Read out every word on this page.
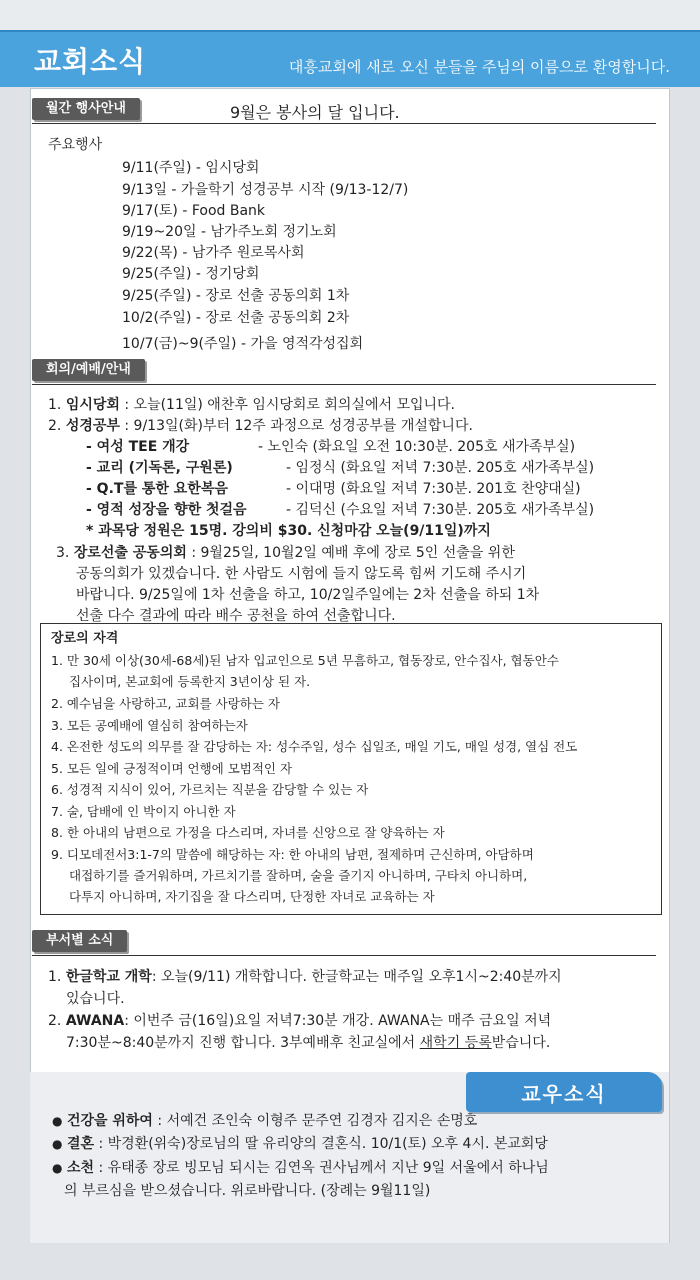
교회소식	대흥교회에 새로 오신 분들을 주님의 이름으로 환영합니다.
월간 행사안내	9월은 봉사의 달 입니다.
주요행사
9/11(주일) - 임시당회
9/13일 - 가을학기 성경공부 시작 (9/13-12/7)
9/17(토) - Food Bank
9/19~20일 - 남가주노회 정기노회
9/22(목) - 남가주 원로목사회
9/25(주일) - 정기당회
9/25(주일) - 장로 선출 공동의회 1차
10/2(주일) - 장로 선출 공동의회 2차
10/7(금)~9(주일) - 가을 영적각성집회
회의/예배/안내
1. 임시당회 : 오늘(11일) 애찬후 임시당회로 회의실에서 모입니다.
2. 성경공부 : 9/13일(화)부터 12주 과정으로 성경공부를 개설합니다.
- 여성 TEE 개강	- 노인숙 (화요일 오전 10:30분. 205호 새가족부실)
- 교리 (기독론, 구원론)	- 임정식 (화요일 저녁 7:30분. 205호 새가족부실)
- Q.T를 통한 요한복음	- 이대명 (화요일 저녁 7:30분. 201호 찬양대실)
- 영적 성장을 향한 첫걸음	- 김덕신 (수요일 저녁 7:30분. 205호 새가족부실)
* 과목당 정원은 15명. 강의비 $30. 신청마감 오늘(9/11일)까지
3. 장로선출 공동의회 : 9월25일, 10월2일 예배 후에 장로 5인 선출을 위한
공동의회가 있겠습니다. 한 사람도 시험에 들지 않도록 힘써 기도해 주시기
바랍니다. 9/25일에 1차 선출을 하고, 10/2일주일에는 2차 선출을 하되 1차
선출 다수 결과에 따라 배수 공천을 하여 선출합니다.
장로의 자격
1. 만 30세 이상(30세-68세)된 남자 입교인으로 5년 무흠하고, 협동장로, 안수집사, 협동안수
집사이며, 본교회에 등록한지 3년이상 된 자.
2. 예수님을 사랑하고, 교회를 사랑하는 자
3. 모든 공예배에 열심히 참여하는자
4. 온전한 성도의 의무를 잘 감당하는 자: 성수주일, 성수 십일조, 매일 기도, 매일 성경, 열심 전도
5. 모든 일에 긍정적이며 언행에 모범적인 자
6. 성경적 지식이 있어, 가르치는 직분을 감당할 수 있는 자
7. 술, 담배에 인 박이지 아니한 자
8. 한 아내의 남편으로 가정을 다스리며, 자녀를 신앙으로 잘 양육하는 자
9. 디모데전서3:1-7의 말씀에 해당하는 자: 한 아내의 남편, 절제하며 근신하며, 아담하며
대접하기를 즐거워하며, 가르치기를 잘하며, 술을 즐기지 아니하며, 구타치 아니하며,
다투지 아니하며, 자기집을 잘 다스리며, 단정한 자녀로 교육하는 자
부서별 소식
1. 한글학교 개학: 오늘(9/11) 개학합니다. 한글학교는 매주일 오후1시~2:40분까지
있습니다.
2. AWANA: 이번주 금(16일)요일 저녁7:30분 개강. AWANA는 매주 금요일 저녁
7:30분~8:40분까지 진행 합니다. 3부예배후 친교실에서 새학기 등록받습니다.
교우소식
● 건강을 위하여 : 서예건 조인숙 이형주 문주연 김경자 김지은 손명호
● 결혼 : 박경환(위숙)장로님의 딸 유리양의 결혼식. 10/1(토) 오후 4시. 본교회당
● 소천 : 유태종 장로 빙모님 되시는 김연옥 권사님께서 지난 9일 서울에서 하나님
의 부르심을 받으셨습니다. 위로바랍니다. (장례는 9월11일)
